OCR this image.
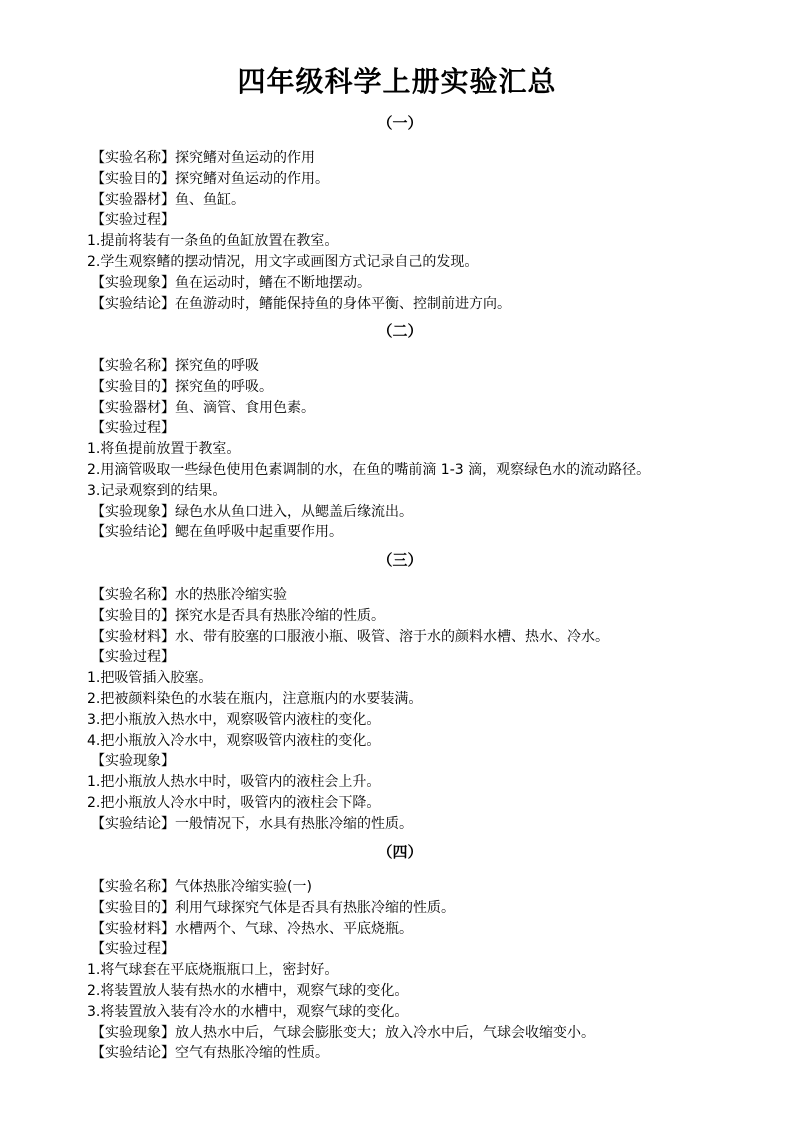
四年级科学上册实验汇总
（一）
【实验名称】探究鳍对鱼运动的作用
【实验目的】探究鳍对鱼运动的作用。
【实验器材】鱼、鱼缸。
【实验过程】
1.提前将装有一条鱼的鱼缸放置在教室。
2.学生观察鳍的摆动情况，用文字或画图方式记录自己的发现。
【实验现象】鱼在运动时，鳍在不断地摆动。
【实验结论】在鱼游动时，鳍能保持鱼的身体平衡、控制前进方向。
（二）
【实验名称】探究鱼的呼吸
【实验目的】探究鱼的呼吸。
【实验器材】鱼、滴管、食用色素。
【实验过程】
1.将鱼提前放置于教室。
2.用滴管吸取一些绿色使用色素调制的水，在鱼的嘴前滴 1-3 滴，观察绿色水的流动路径。
3.记录观察到的结果。
【实验现象】绿色水从鱼口进入，从鳃盖后缘流出。
【实验结论】鳃在鱼呼吸中起重要作用。
（三）
【实验名称】水的热胀冷缩实验
【实验目的】探究水是否具有热胀冷缩的性质。
【实验材料】水、带有胶塞的口服液小瓶、吸管、溶于水的颜料水槽、热水、冷水。
【实验过程】
1.把吸管插入胶塞。
2.把被颜料染色的水装在瓶内，注意瓶内的水要装满。
3.把小瓶放入热水中，观察吸管内液柱的变化。
4.把小瓶放入冷水中，观察吸管内液柱的变化。
【实验现象】
1.把小瓶放人热水中时，吸管内的液柱会上升。
2.把小瓶放人冷水中时，吸管内的液柱会下降。
【实验结论】一般情况下，水具有热胀冷缩的性质。
（四）
【实验名称】气体热胀冷缩实验(一)
【实验目的】利用气球探究气体是否具有热胀冷缩的性质。
【实验材料】水槽两个、气球、冷热水、平底烧瓶。
【实验过程】
1.将气球套在平底烧瓶瓶口上，密封好。
2.将装置放人装有热水的水槽中，观察气球的变化。
3.将装置放入装有冷水的水槽中，观察气球的变化。
【实验现象】放人热水中后，气球会膨胀变大；放入冷水中后，气球会收缩变小。
【实验结论】空气有热胀冷缩的性质。
